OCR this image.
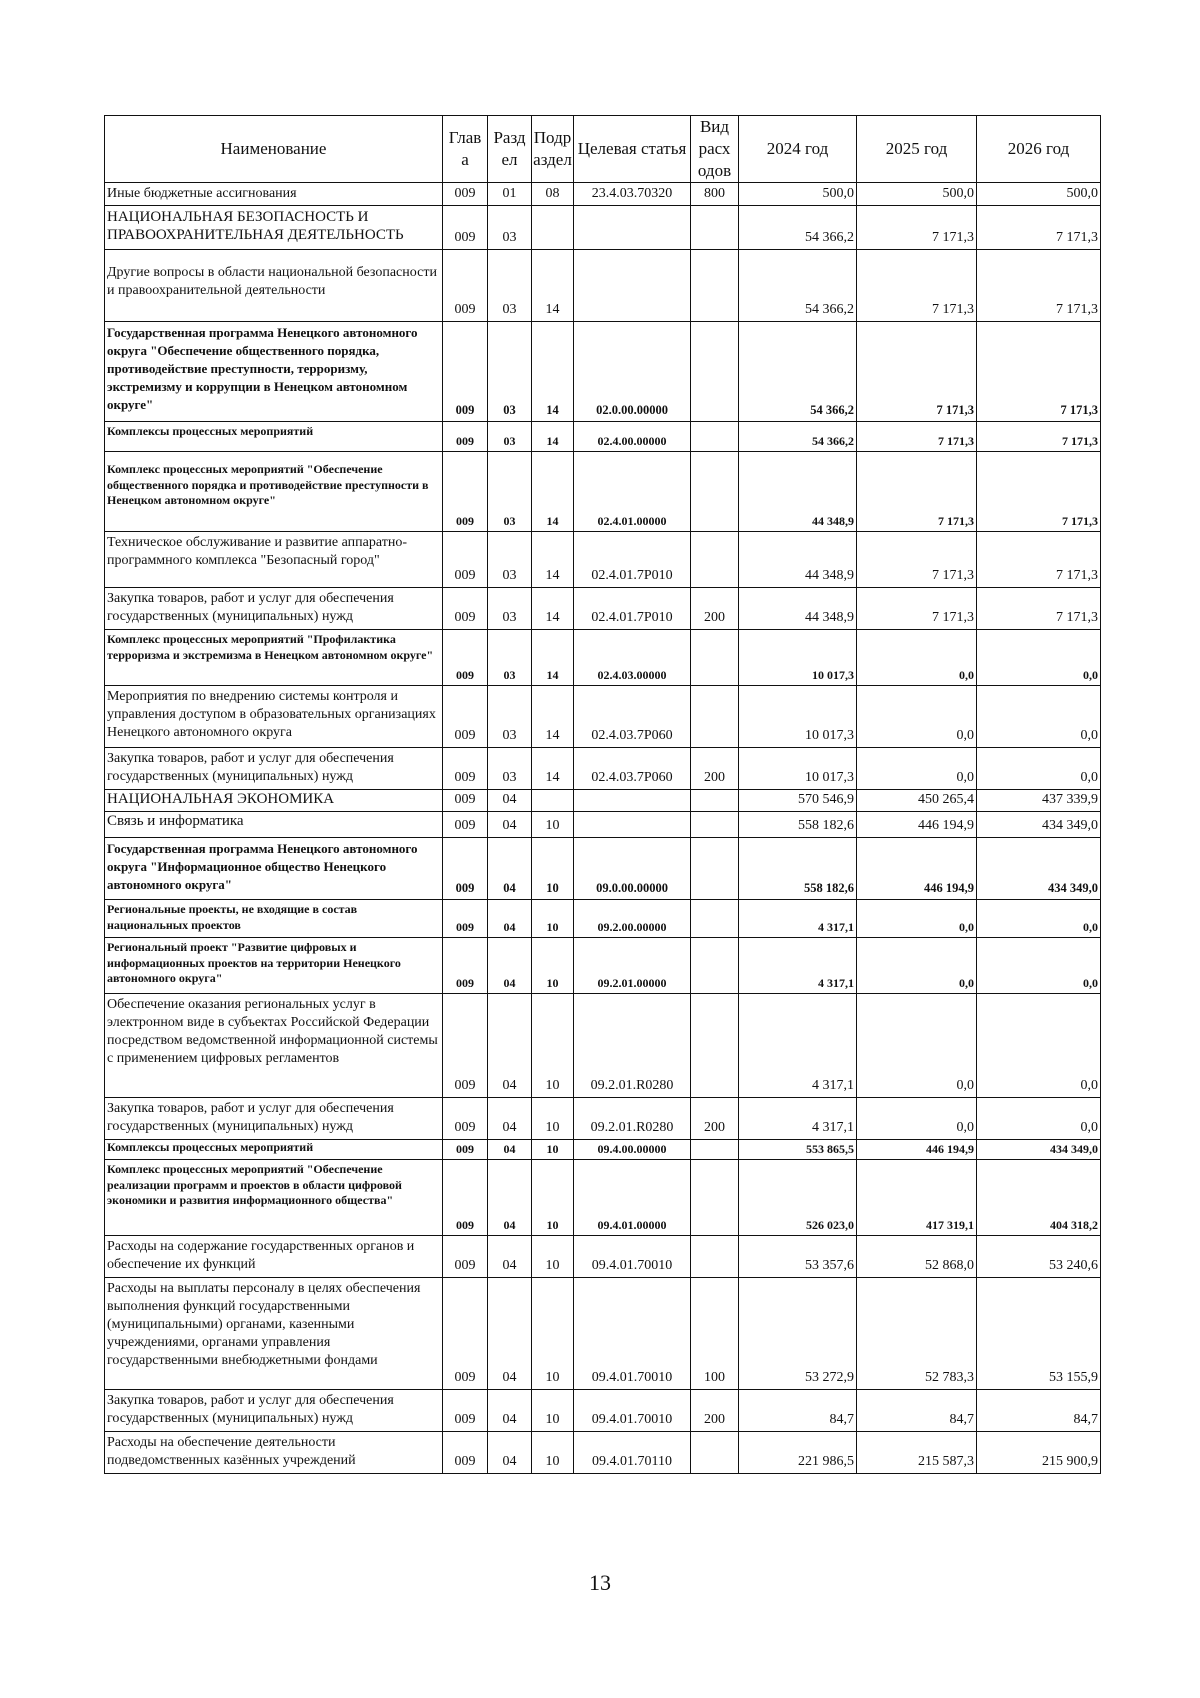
Наименование	Глав а	Разд ел	Подр аздел	Целевая статья	Вид расх одов	2024 год	2025 год	2026 год
Иные бюджетные ассигнования	009	01	08	23.4.03.70320	800	500,0	500,0	500,0
НАЦИОНАЛЬНАЯ БЕЗОПАСНОСТЬ И ПРАВООХРАНИТЕЛЬНАЯ ДЕЯТЕЛЬНОСТЬ	009	03				54 366,2	7 171,3	7 171,3
Другие вопросы в области национальной безопасности и правоохранительной деятельности	009	03	14			54 366,2	7 171,3	7 171,3
Государственная программа Ненецкого автономного округа "Обеспечение общественного порядка, противодействие преступности, терроризму, экстремизму и коррупции в Ненецком автономном округе"	009	03	14	02.0.00.00000		54 366,2	7 171,3	7 171,3
Комплексы процессных мероприятий	009	03	14	02.4.00.00000		54 366,2	7 171,3	7 171,3
Комплекс процессных мероприятий "Обеспечение общественного порядка и противодействие преступности в Ненецком автономном округе"	009	03	14	02.4.01.00000		44 348,9	7 171,3	7 171,3
Техническое обслуживание и развитие аппаратно-программного комплекса "Безопасный город"	009	03	14	02.4.01.7Р010		44 348,9	7 171,3	7 171,3
Закупка товаров, работ и услуг для обеспечения государственных (муниципальных) нужд	009	03	14	02.4.01.7Р010	200	44 348,9	7 171,3	7 171,3
Комплекс процессных мероприятий "Профилактика терроризма и экстремизма в Ненецком автономном округе"	009	03	14	02.4.03.00000		10 017,3	0,0	0,0
Мероприятия по внедрению системы контроля и управления доступом в образовательных организациях Ненецкого автономного округа	009	03	14	02.4.03.7Р060		10 017,3	0,0	0,0
Закупка товаров, работ и услуг для обеспечения государственных (муниципальных) нужд	009	03	14	02.4.03.7Р060	200	10 017,3	0,0	0,0
НАЦИОНАЛЬНАЯ ЭКОНОМИКА	009	04				570 546,9	450 265,4	437 339,9
Связь и информатика	009	04	10			558 182,6	446 194,9	434 349,0
Государственная программа Ненецкого автономного округа "Информационное общество Ненецкого автономного округа"	009	04	10	09.0.00.00000		558 182,6	446 194,9	434 349,0
Региональные проекты, не входящие в состав национальных проектов	009	04	10	09.2.00.00000		4 317,1	0,0	0,0
Региональный проект "Развитие цифровых и информационных проектов на территории Ненецкого автономного округа"	009	04	10	09.2.01.00000		4 317,1	0,0	0,0
Обеспечение оказания региональных услуг в электронном виде в субъектах Российской Федерации посредством ведомственной информационной системы с применением цифровых регламентов	009	04	10	09.2.01.R0280		4 317,1	0,0	0,0
Закупка товаров, работ и услуг для обеспечения государственных (муниципальных) нужд	009	04	10	09.2.01.R0280	200	4 317,1	0,0	0,0
Комплексы процессных мероприятий	009	04	10	09.4.00.00000		553 865,5	446 194,9	434 349,0
Комплекс процессных мероприятий "Обеспечение реализации программ и проектов в области цифровой экономики и развития информационного общества"	009	04	10	09.4.01.00000		526 023,0	417 319,1	404 318,2
Расходы на содержание государственных органов и обеспечение их функций	009	04	10	09.4.01.70010		53 357,6	52 868,0	53 240,6
Расходы на выплаты персоналу в целях обеспечения выполнения функций государственными (муниципальными) органами, казенными учреждениями, органами управления государственными внебюджетными фондами	009	04	10	09.4.01.70010	100	53 272,9	52 783,3	53 155,9
Закупка товаров, работ и услуг для обеспечения государственных (муниципальных) нужд	009	04	10	09.4.01.70010	200	84,7	84,7	84,7
Расходы на обеспечение деятельности подведомственных казённых учреждений	009	04	10	09.4.01.70110		221 986,5	215 587,3	215 900,9
13
